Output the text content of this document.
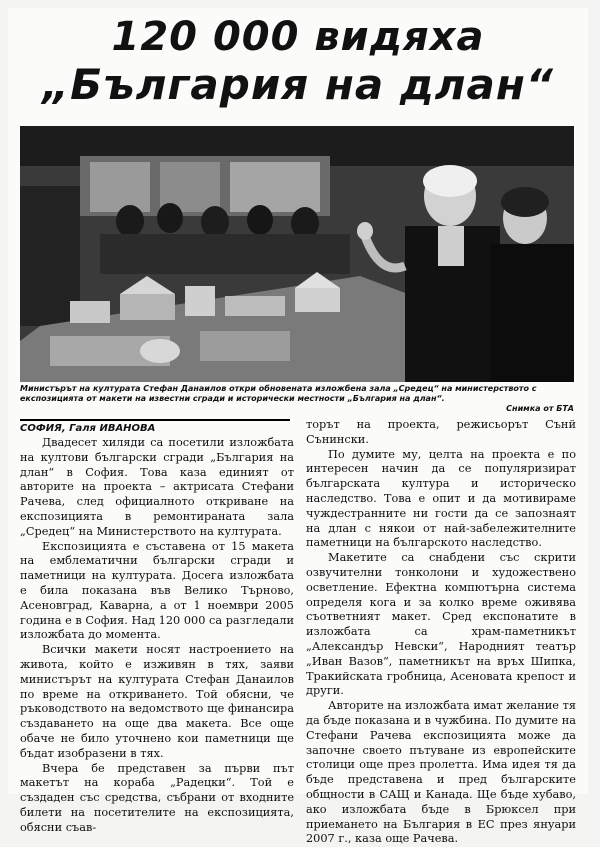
120 000 видяха
„България на длан“
Министърът на културата Стефан Данаилов откри обновената изложбена зала „Средец“ на министерството с експозицията от макети на известни сгради и исторически местности „България на длан“.
Снимка от БТА
СОФИЯ, Галя ИВАНОВА

Двадесет хиляди са посетили изложбата на култови български сгради „България на длан“ в София. Това каза единият от авторите на проекта – актрисата Стефани Рачева, след официалното откриване на експозицията в ремонтираната зала „Средец“ на Министерството на културата.

Експозицията е съставена от 15 макета на емблематични български сгради и паметници на културата. Досега изложбата е била показана във Велико Търново, Асеновград, Каварна, а от 1 ноември 2005 година е в София. Над 120 000 са разгледали изложбата до момента.

Всички макети носят настроението на живота, който е изживян в тях, заяви министърът на културата Стефан Данаилов по време на откриването. Той обясни, че ръководството на ведомството ще финансира създаването на още два макета. Все още обаче не било уточнено кои паметници ще бъдат изобразени в тях.

Вчера бе представен за първи път макетът на кораба „Радецки“. Той е създаден със средства, събрани от входните билети на посетителите на експозицията, обясни съав-

торът на проекта, режисьорът Сънй Сънински.

По думите му, целта на проекта е по интересен начин да се популяризират българската култура и историческо наследство. Това е опит и да мотивираме чуждестранните ни гости да се запознаят на длан с някои от най-забележителните паметници на българското наследство.

Макетите са снабдени със скрити озвучителни тонколони и художествено осветление. Ефектна компютърна система определя кога и за колко време оживява съответният макет. Сред експонатите в изложбата са храм-паметникът „Александър Невски“, Народният театър „Иван Вазов“, паметникът на връх Шипка, Тракийската гробница, Асеновата крепост и други.

Авторите на изложбата имат желание тя да бъде показана и в чужбина. По думите на Стефани Рачева експозицията може да започне своето пътуване из европейските столици още през пролетта. Има идея тя да бъде представена и пред българските общности в САЩ и Канада. Ще бъде хубаво, ако изложбата бъде в Брюксел при приемането на България в ЕС през януари 2007 г., каза още Рачева.
